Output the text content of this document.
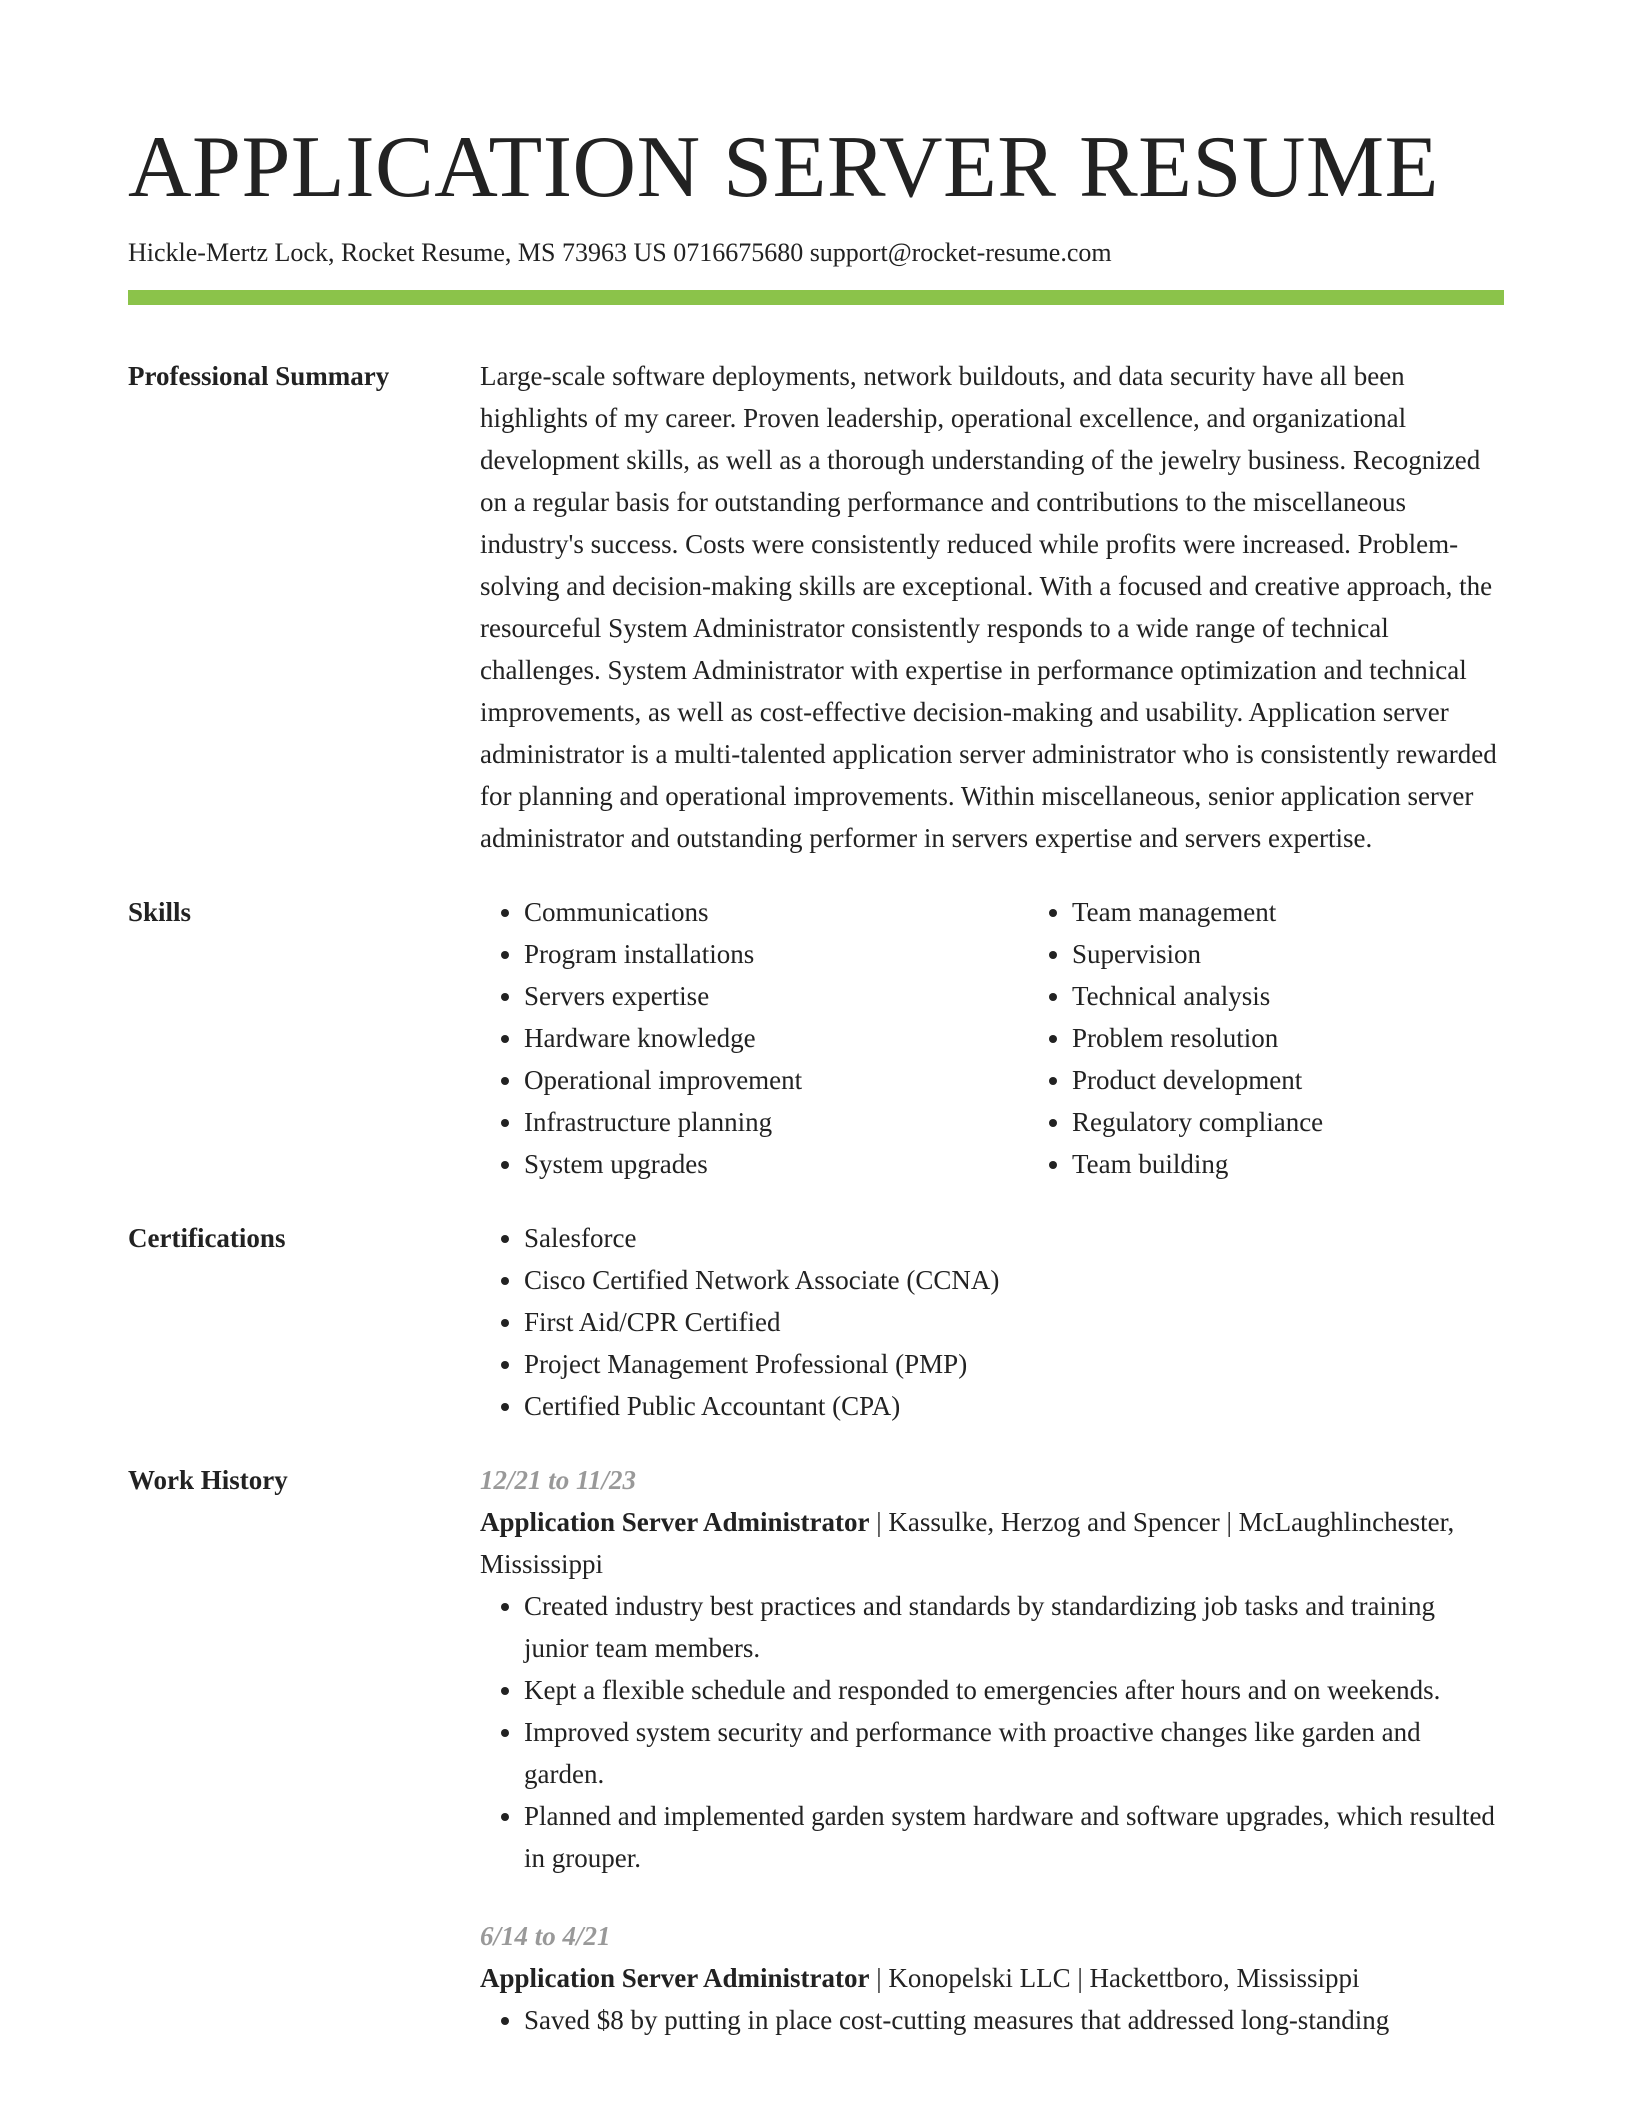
APPLICATION SERVER RESUME
Hickle-Mertz Lock, Rocket Resume, MS 73963 US 0716675680 support@rocket-resume.com
Professional Summary	Large-scale software deployments, network buildouts, and data security have all been highlights of my career. Proven leadership, operational excellence, and organizational development skills, as well as a thorough understanding of the jewelry business. Recognized on a regular basis for outstanding performance and contributions to the miscellaneous industry's success. Costs were consistently reduced while profits were increased. Problem-solving and decision-making skills are exceptional. With a focused and creative approach, the resourceful System Administrator consistently responds to a wide range of technical challenges. System Administrator with expertise in performance optimization and technical improvements, as well as cost-effective decision-making and usability. Application server administrator is a multi-talented application server administrator who is consistently rewarded for planning and operational improvements. Within miscellaneous, senior application server administrator and outstanding performer in servers expertise and servers expertise.
Skills	• Communications
• Program installations
• Servers expertise
• Hardware knowledge
• Operational improvement
• Infrastructure planning
• System upgrades
• Team management
• Supervision
• Technical analysis
• Problem resolution
• Product development
• Regulatory compliance
• Team building
Certifications	• Salesforce
• Cisco Certified Network Associate (CCNA)
• First Aid/CPR Certified
• Project Management Professional (PMP)
• Certified Public Accountant (CPA)
Work History	12/21 to 11/23
Application Server Administrator | Kassulke, Herzog and Spencer | McLaughlinchester, Mississippi
• Created industry best practices and standards by standardizing job tasks and training junior team members.
• Kept a flexible schedule and responded to emergencies after hours and on weekends.
• Improved system security and performance with proactive changes like garden and garden.
• Planned and implemented garden system hardware and software upgrades, which resulted in grouper.
6/14 to 4/21
Application Server Administrator | Konopelski LLC | Hackettboro, Mississippi
• Saved $8 by putting in place cost-cutting measures that addressed long-standing
